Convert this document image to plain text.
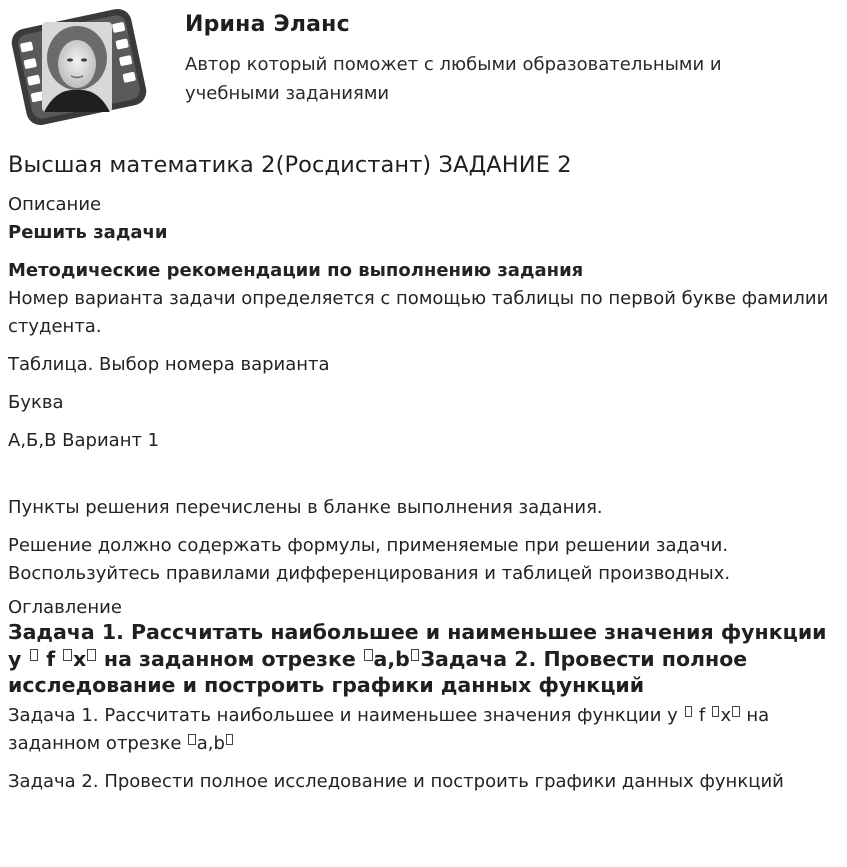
Ирина Эланс
Автор который поможет с любыми образовательными и учебными заданиями
Высшая математика 2(Росдистант) ЗАДАНИЕ 2

Описание

Решить задачи

Методические рекомендации по выполнению задания

Номер варианта задачи определяется с помощью таблицы по первой букве фамилии студента.

Таблица. Выбор номера варианта

Буква

А,Б,В Вариант 1

Пункты решения перечислены в бланке выполнения задания.

Решение должно содержать формулы, применяемые при решении задачи. Воспользуйтесь правилами дифференцирования и таблицей производных.

Оглавление

Задача 1. Рассчитать наибольшее и наименьшее значения функции y f x на заданном отрезке a,b Задача 2. Провести полное исследование и построить графики данных функций

Задача 1. Рассчитать наибольшее и наименьшее значения функции y f x на заданном отрезке a,b

Задача 2. Провести полное исследование и построить графики данных функций
